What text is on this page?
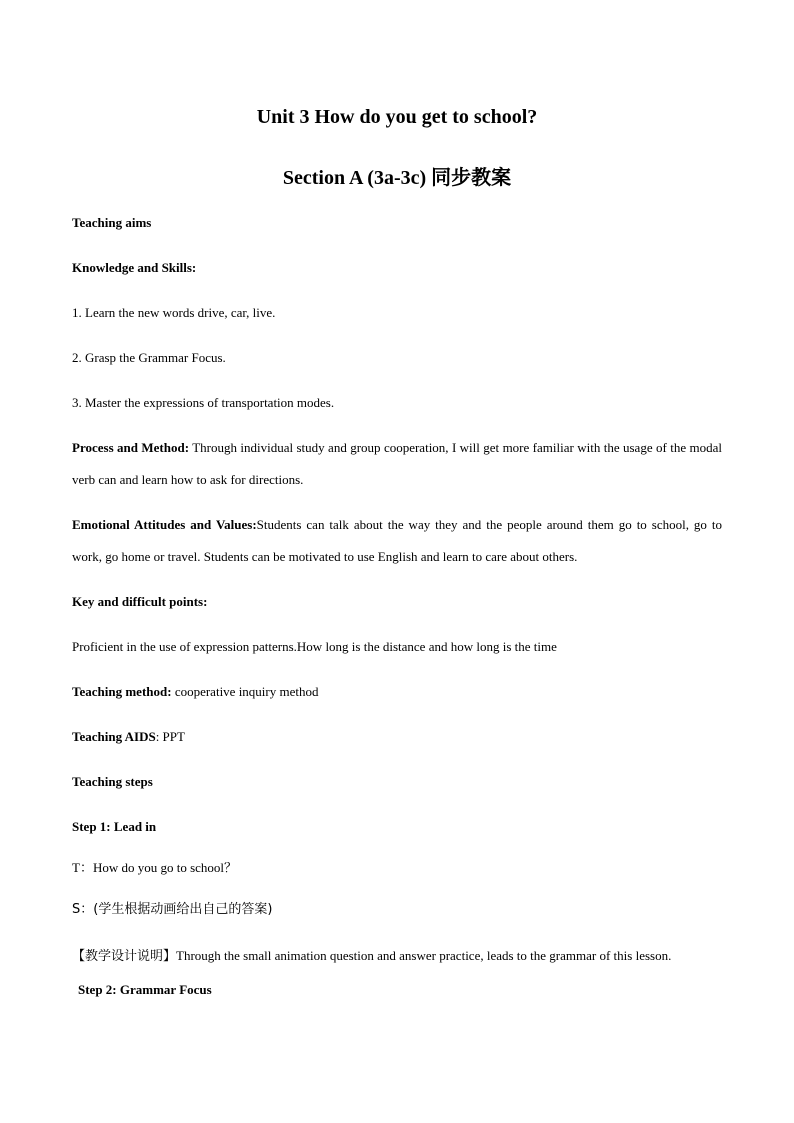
Unit 3 How do you get to school?
Section A (3a-3c) 同步教案
Teaching aims
Knowledge and Skills:
1. Learn the new words drive, car, live.
2. Grasp the Grammar Focus.
3. Master the expressions of transportation modes.
Process and Method: Through individual study and group cooperation, I will get more familiar with the usage of the modal verb can and learn how to ask for directions.
Emotional Attitudes and Values:Students can talk about the way they and the people around them go to school, go to work, go home or travel. Students can be motivated to use English and learn to care about others.
Key and difficult points:
Proficient in the use of expression patterns.How long is the distance and how long is the time
Teaching method: cooperative inquiry method
Teaching AIDS: PPT
Teaching steps
Step 1: Lead in
T：How do you go to school？
S：(学生根据动画给出自己的答案)
【教学设计说明】Through the small animation question and answer practice, leads to the grammar of this lesson.
Step 2: Grammar Focus
